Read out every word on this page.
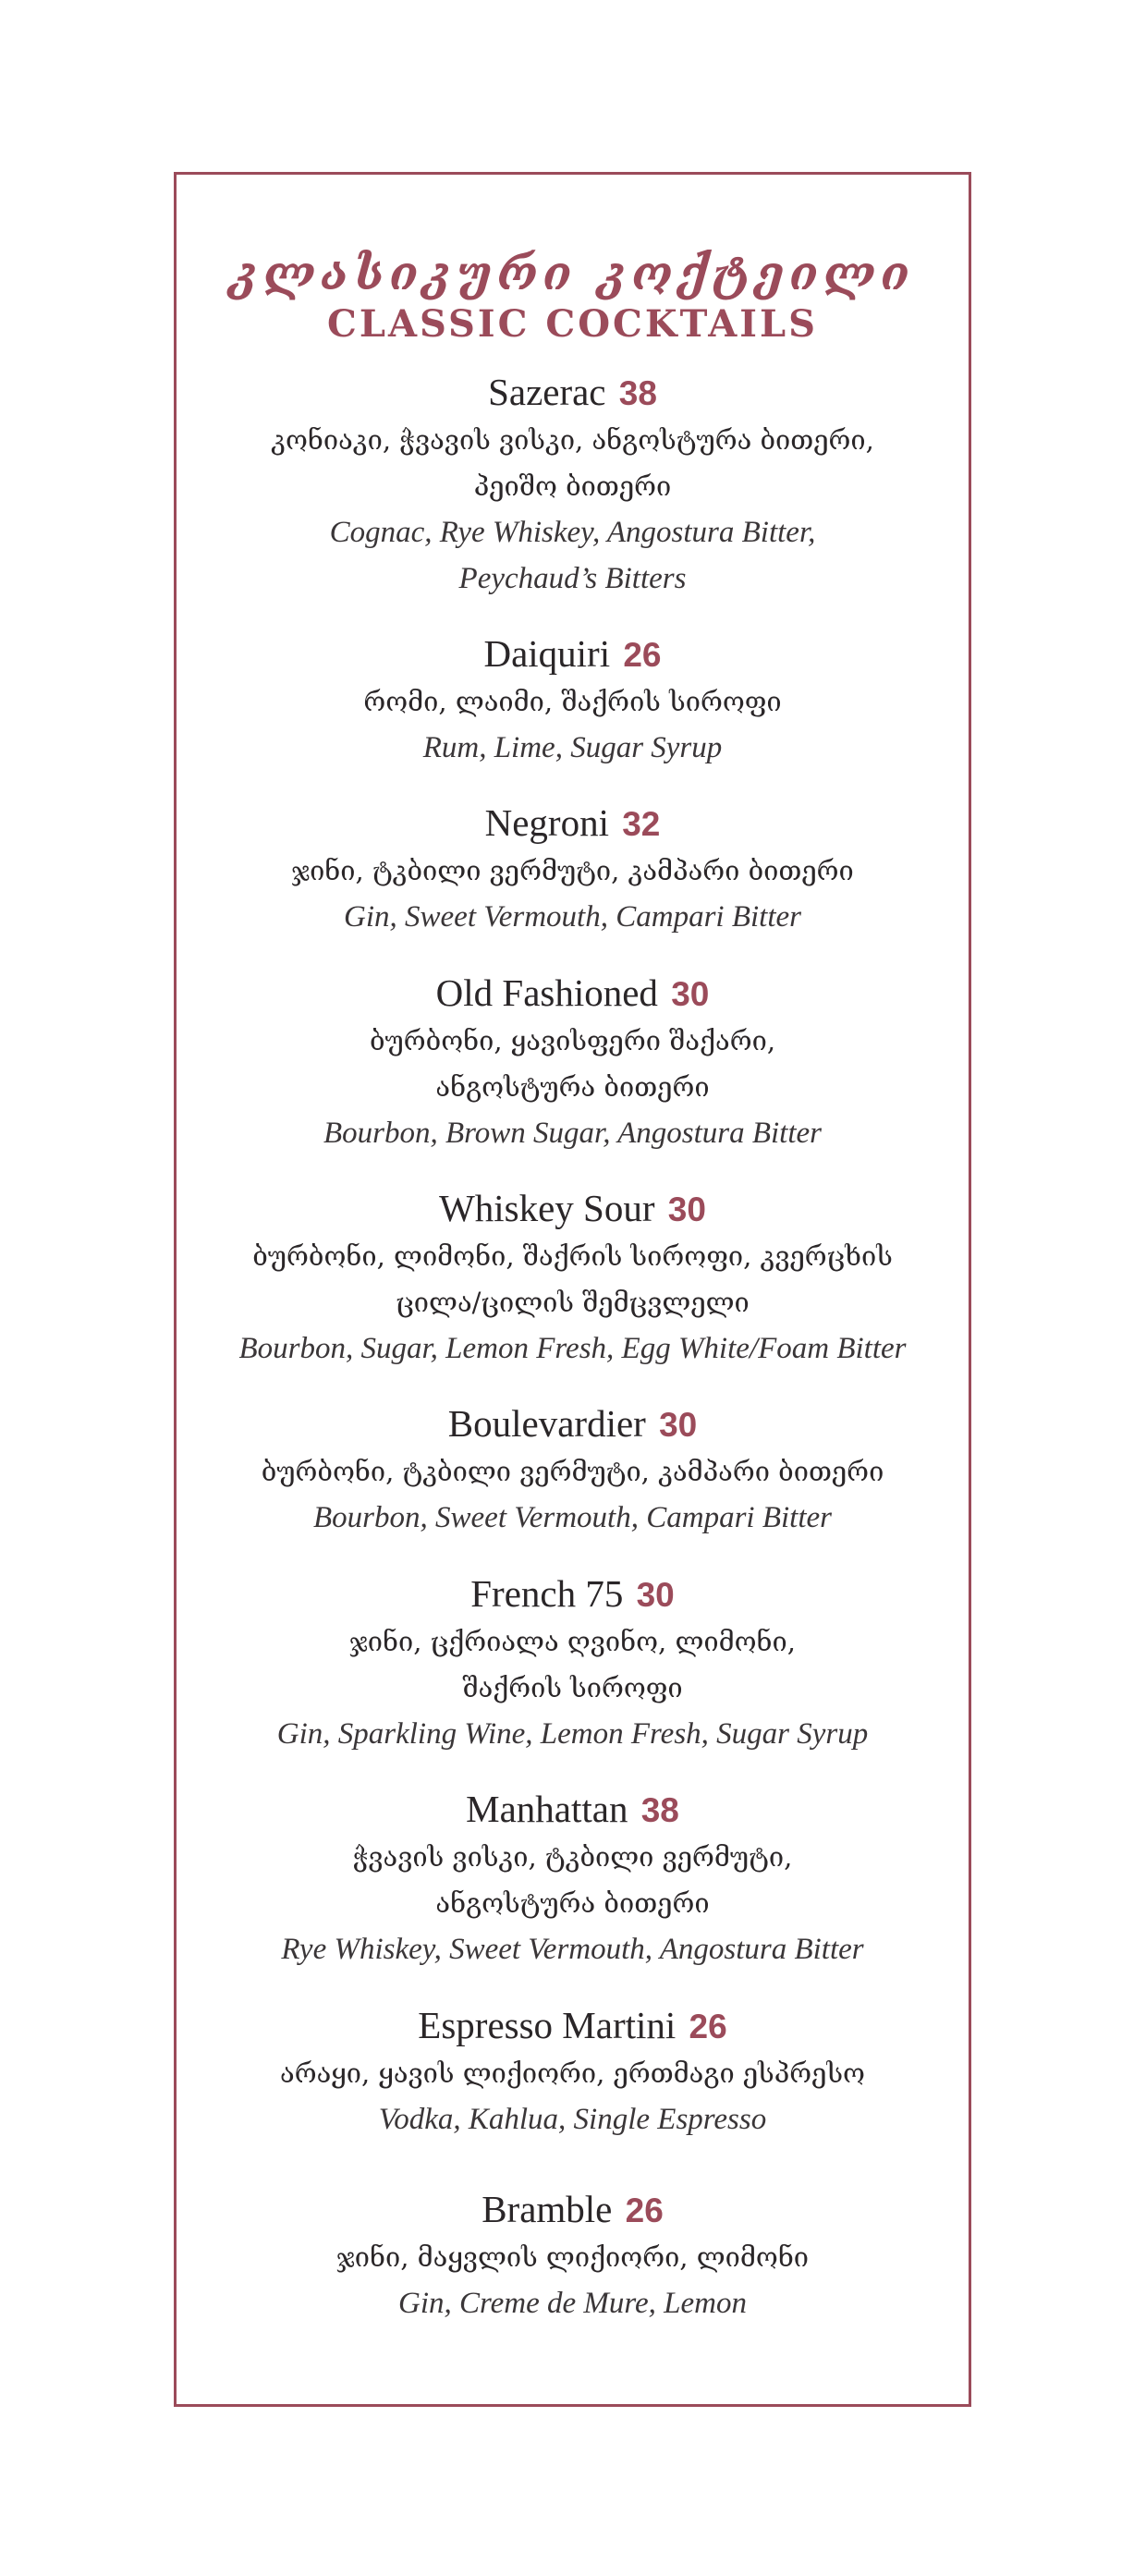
კლასიკური კოქტეილი
CLASSIC COCKTAILS
Sazerac 38
კონიაკი, ჭვავის ვისკი, ანგოსტურა ბითერი,
პეიშო ბითერი
Cognac, Rye Whiskey, Angostura Bitter,
Peychaud’s Bitters
Daiquiri 26
რომი, ლაიმი, შაქრის სიროფი
Rum, Lime, Sugar Syrup
Negroni 32
ჯინი, ტკბილი ვერმუტი, კამპარი ბითერი
Gin, Sweet Vermouth, Campari Bitter
Old Fashioned 30
ბურბონი, ყავისფერი შაქარი,
ანგოსტურა ბითერი
Bourbon, Brown Sugar, Angostura Bitter
Whiskey Sour 30
ბურბონი, ლიმონი, შაქრის სიროფი, კვერცხის
ცილა/ცილის შემცვლელი
Bourbon, Sugar, Lemon Fresh, Egg White/Foam Bitter
Boulevardier 30
ბურბონი, ტკბილი ვერმუტი, კამპარი ბითერი
Bourbon, Sweet Vermouth, Campari Bitter
French 75 30
ჯინი, ცქრიალა ღვინო, ლიმონი,
შაქრის სიროფი
Gin, Sparkling Wine, Lemon Fresh, Sugar Syrup
Manhattan 38
ჭვავის ვისკი, ტკბილი ვერმუტი,
ანგოსტურა ბითერი
Rye Whiskey, Sweet Vermouth, Angostura Bitter
Espresso Martini 26
არაყი, ყავის ლიქიორი, ერთმაგი ესპრესო
Vodka, Kahlua, Single Espresso
Bramble 26
ჯინი, მაყვლის ლიქიორი, ლიმონი
Gin, Creme de Mure, Lemon
